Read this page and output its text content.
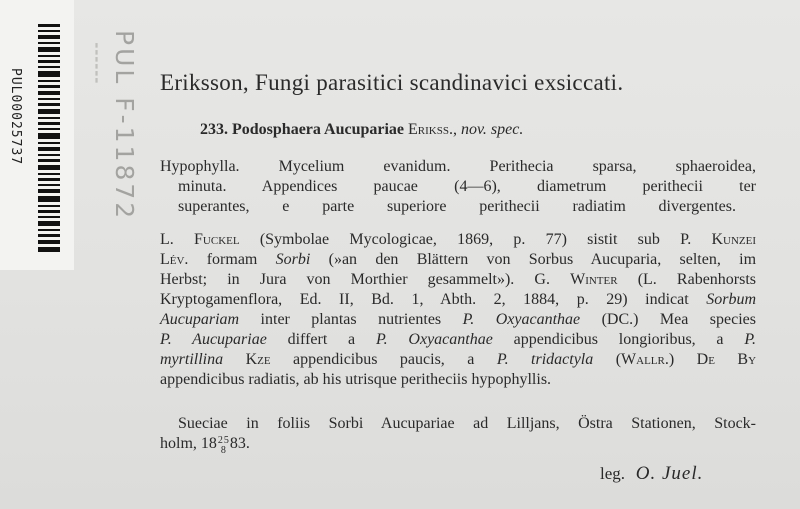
PUL00025737
▮▮▮▮▮▮ PUL F-11872 Eriksson, Fungi parasitici scandinavici exsiccati.

233. Podosphaera Aucupariae Erikss., nov. spec.

Hypophylla. Mycelium evanidum. Perithecia sparsa, sphaeroidea,

minuta. Appendices paucae (4—6), diametrum perithecii ter

superantes, e parte superiore perithecii radiatim divergentes.

L. Fuckel (Symbolae Mycologicae, 1869, p. 77) sistit sub P. Kunzei

Lév. formam Sorbi (»an den Blättern von Sorbus Aucuparia, selten, im

Herbst; in Jura von Morthier gesammelt»). G. Winter (L. Rabenhorsts

Kryptogamenflora, Ed. II, Bd. 1, Abth. 2, 1884, p. 29) indicat Sorbum

Aucupariam inter plantas nutrientes P. Oxyacanthae (DC.) Mea species

P. Aucupariae differt a P. Oxyacanthae appendicibus longioribus, a P.

myrtillina Kze appendicibus paucis, a P. tridactyla (Wallr.) De By

appendicibus radiatis, ab his utrisque peritheciis hypophyllis.

Sueciae in foliis Sorbi Aucupariae ad Lilljans, Östra Stationen, Stock-

holm, 18 2 5
8 83.

leg. O. Juel.
